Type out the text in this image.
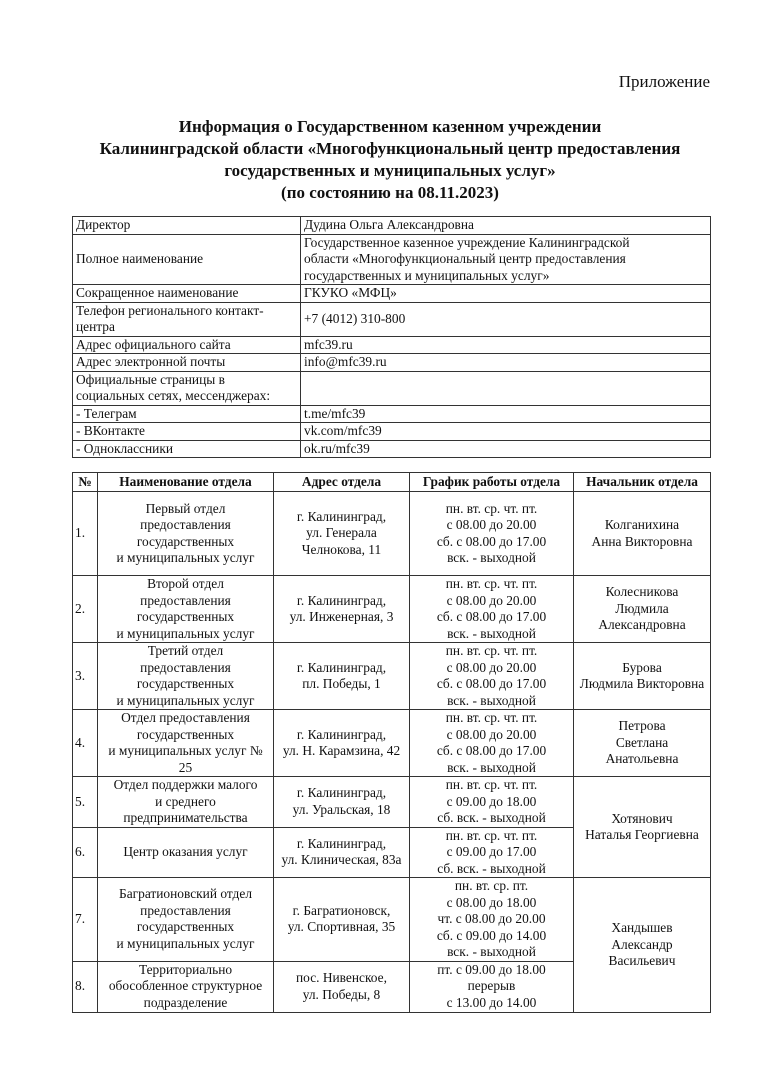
Приложение
Информация о Государственном казенном учреждении
Калининградской области «Многофункциональный центр предоставления
государственных и муниципальных услуг»
(по состоянию на 08.11.2023)
Директор	Дудина Ольга Александровна
Полное наименование	Государственное казенное учреждение Калининградской
области «Многофункциональный центр предоставления
государственных и муниципальных услуг»

Сокращенное наименование	ГКУКО «МФЦ»

Телефон регионального контакт-
центра	+7 (4012) 310-800
Адрес официального сайта	mfc39.ru
Адрес электронной почты	info@mfc39.ru

Официальные страницы в
социальных сетях, мессенджерах:	

- Телеграм	t.me/mfc39
- ВКонтакте	vk.com/mfc39
- Одноклассники	ok.ru/mfc39
№	Наименование отдела	Адрес отдела	График работы отдела	Начальник отдела
1.	Первый отдел
предоставления
государственных
и муниципальных услуг	г. Калининград,
ул. Генерала
Челнокова, 11	пн. вт. ср. чт. пт.
с 08.00 до 20.00
сб. с 08.00 до 17.00
вск. - выходной	Колганихина
Анна Викторовна

2.	Второй отдел
предоставления
государственных
и муниципальных услуг	г. Калининград,
ул. Инженерная, 3	пн. вт. ср. чт. пт.
с 08.00 до 20.00
сб. с 08.00 до 17.00
вск. - выходной	Колесникова
Людмила
Александровна

3.	Третий отдел
предоставления
государственных
и муниципальных услуг	г. Калининград,
пл. Победы, 1	пн. вт. ср. чт. пт.
с 08.00 до 20.00
сб. с 08.00 до 17.00
вск. - выходной	Бурова
Людмила Викторовна

4.	Отдел предоставления
государственных
и муниципальных услуг №
25	г. Калининград,
ул. Н. Карамзина, 42	пн. вт. ср. чт. пт.
с 08.00 до 20.00
сб. с 08.00 до 17.00
вск. - выходной	Петрова
Светлана
Анатольевна

5.	Отдел поддержки малого
и среднего
предпринимательства	г. Калининград,
ул. Уральская, 18	пн. вт. ср. чт. пт.
с 09.00 до 18.00
сб. вск. - выходной	Хотянович
Наталья Георгиевна

6.	Центр оказания услуг	г. Калининград,
ул. Клиническая, 83а	пн. вт. ср. чт. пт.
с 09.00 до 17.00
сб. вск. - выходной	

7.	Багратионовский отдел
предоставления
государственных
и муниципальных услуг	г. Багратионовск,
ул. Спортивная, 35	пн. вт. ср. пт.
с 08.00 до 18.00
чт. с 08.00 до 20.00
сб. с 09.00 до 14.00
вск. - выходной	Хандышев
Александр
Васильевич

8.	Территориально
обособленное структурное
подразделение	пос. Нивенское,
ул. Победы, 8	пт. с 09.00 до 18.00
перерыв
с 13.00 до 14.00	
